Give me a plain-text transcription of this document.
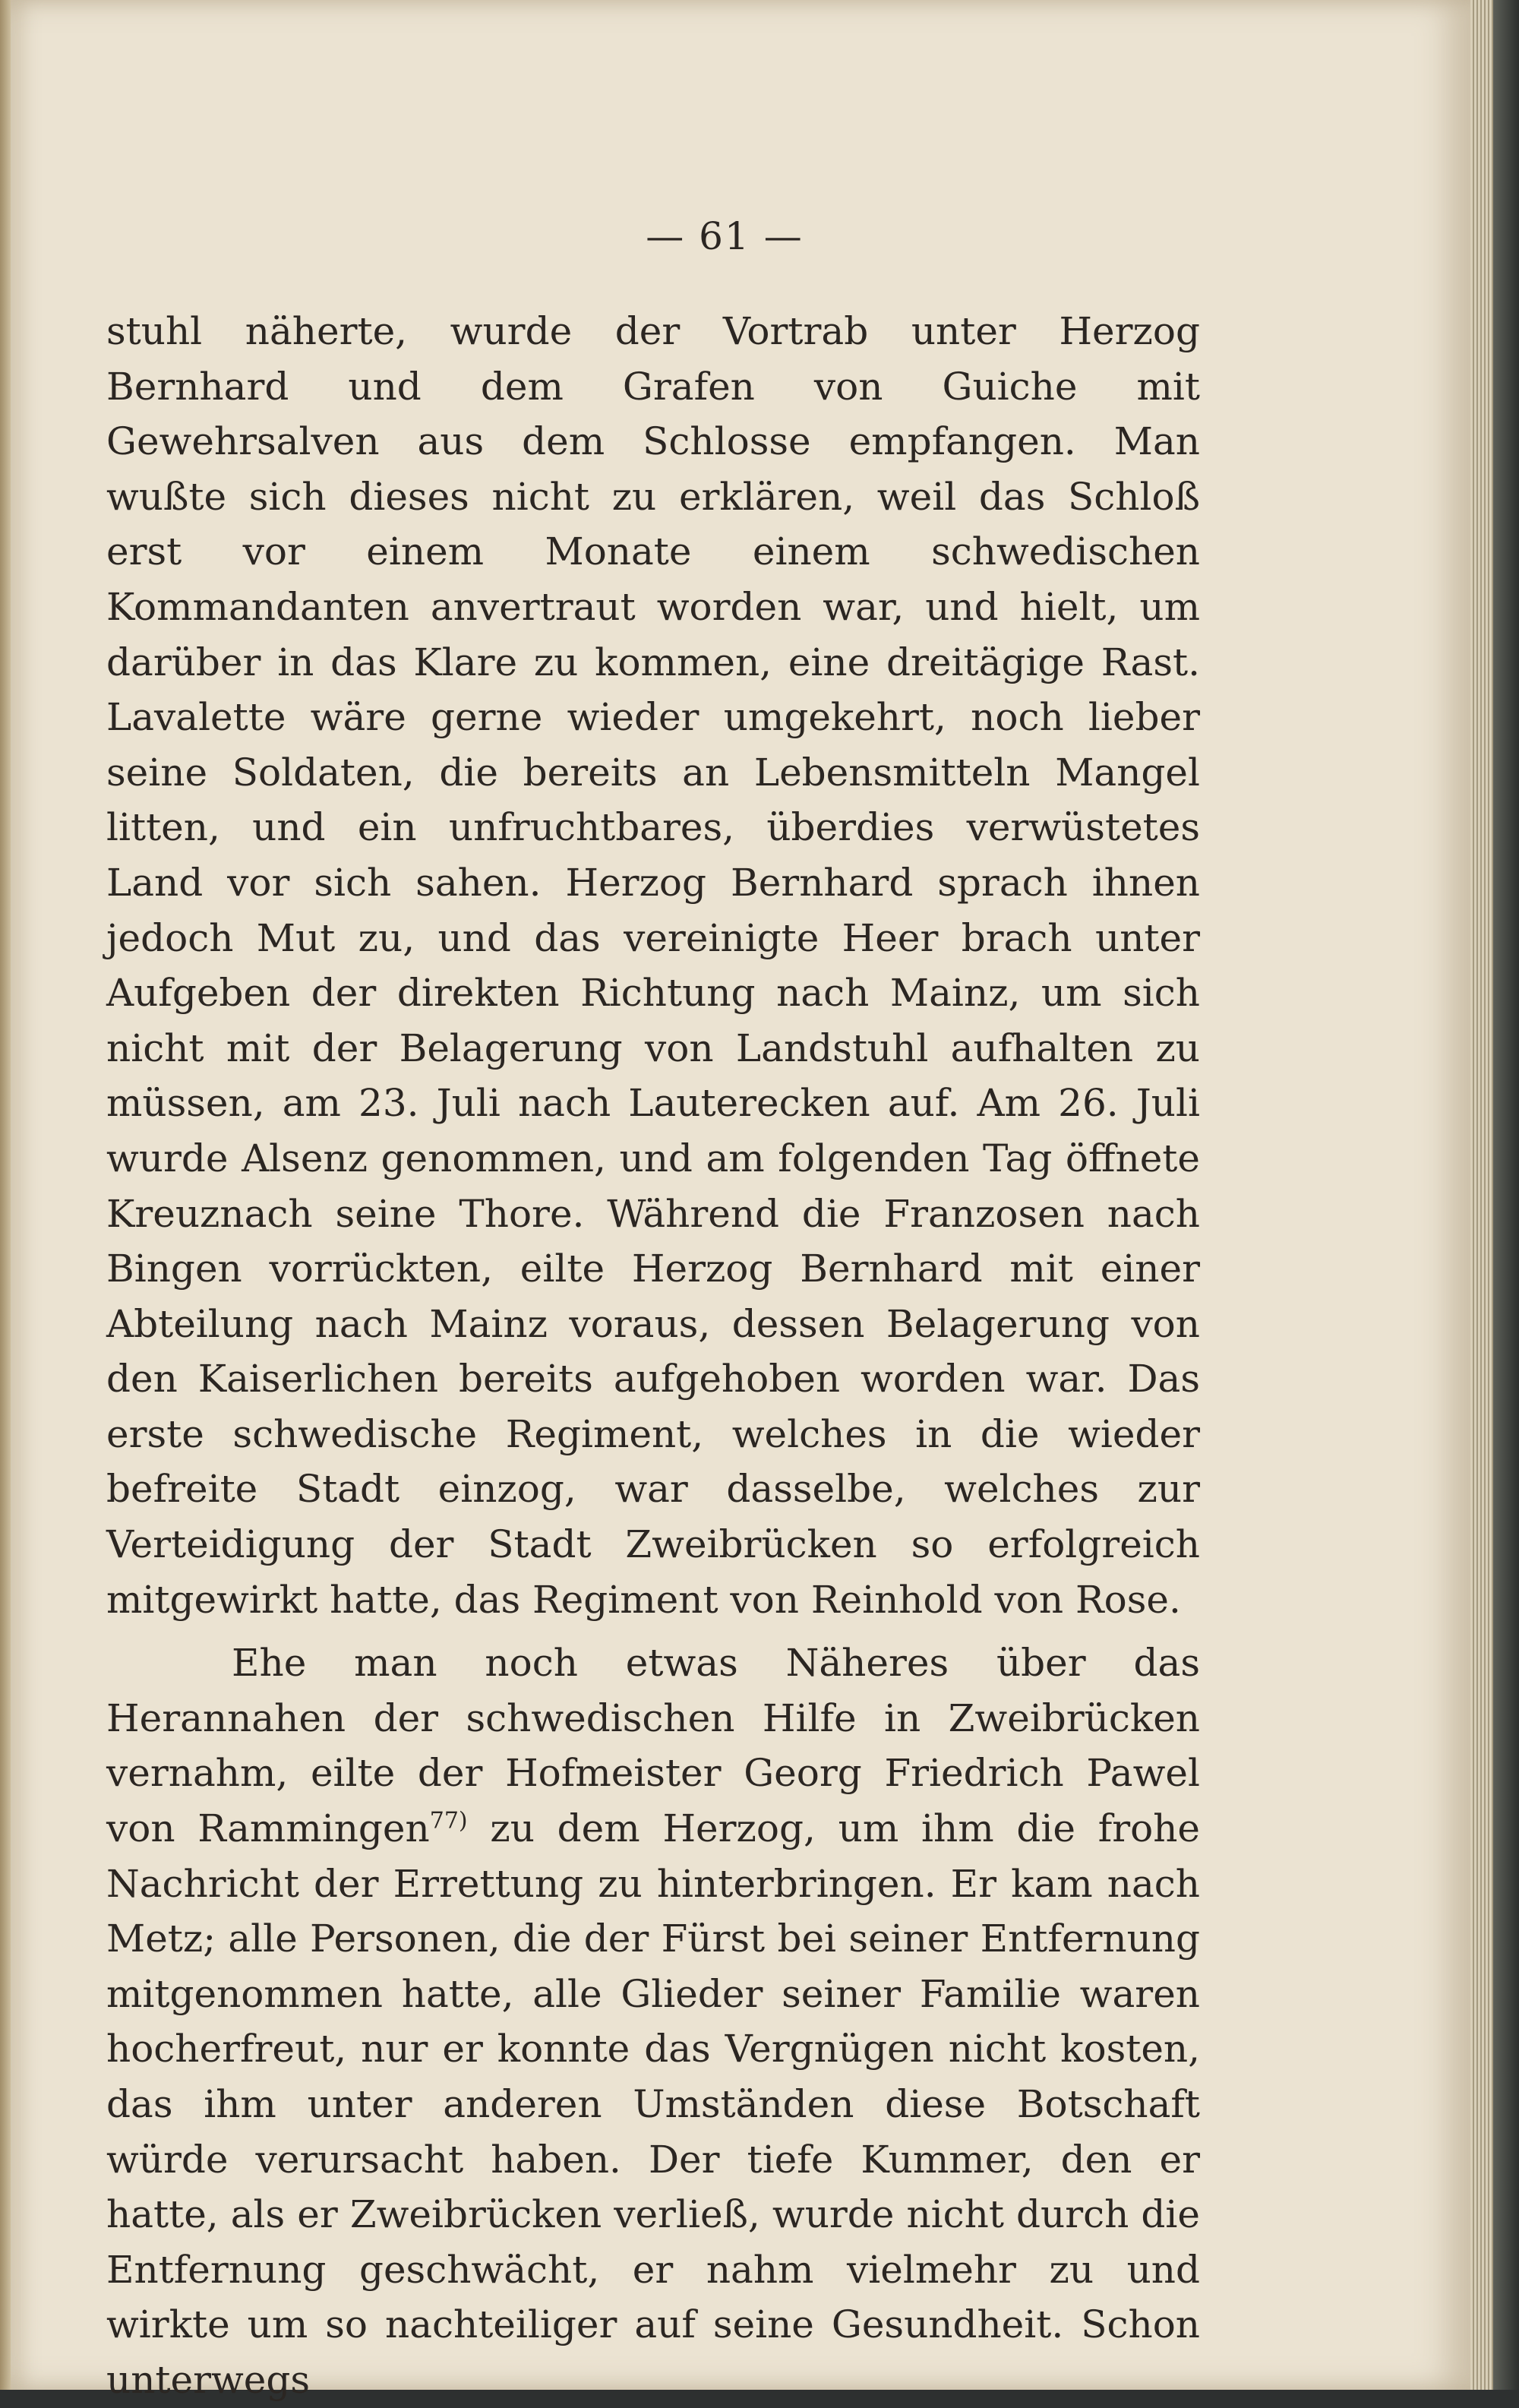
— 61 —

stuhl näherte, wurde der Vortrab unter Herzog Bernhard und dem Grafen von Guiche mit Gewehrsalven aus dem Schlosse empfangen. Man wußte sich dieses nicht zu erklären, weil das Schloß erst vor einem Monate einem schwedischen Kommandanten anvertraut worden war, und hielt, um darüber in das Klare zu kommen, eine dreitägige Rast. Lavalette wäre gerne wieder umgekehrt, noch lieber seine Soldaten, die bereits an Lebensmitteln Mangel litten, und ein unfruchtbares, überdies verwüstetes Land vor sich sahen. Herzog Bernhard sprach ihnen jedoch Mut zu, und das vereinigte Heer brach unter Aufgeben der direkten Richtung nach Mainz, um sich nicht mit der Belagerung von Landstuhl aufhalten zu müssen, am 23. Juli nach Lauterecken auf. Am 26. Juli wurde Alsenz genommen, und am folgenden Tag öffnete Kreuznach seine Thore. Während die Franzosen nach Bingen vorrückten, eilte Herzog Bernhard mit einer Abteilung nach Mainz voraus, dessen Belagerung von den Kaiserlichen bereits aufgehoben worden war. Das erste schwedische Regiment, welches in die wieder befreite Stadt einzog, war dasselbe, welches zur Verteidigung der Stadt Zweibrücken so erfolgreich mitgewirkt hatte, das Regiment von Reinhold von Rose.

Ehe man noch etwas Näheres über das Herannahen der schwedischen Hilfe in Zweibrücken vernahm, eilte der Hofmeister Georg Friedrich Pawel von Rammingen$^{77)}$ zu dem Herzog, um ihm die frohe Nachricht der Errettung zu hinterbringen. Er kam nach Metz; alle Personen, die der Fürst bei seiner Entfernung mitgenommen hatte, alle Glieder seiner Familie waren hocherfreut, nur er konnte das Vergnügen nicht kosten, das ihm unter anderen Umständen diese Botschaft würde verursacht haben. Der tiefe Kummer, den er hatte, als er Zweibrücken verließ, wurde nicht durch die Entfernung geschwächt, er nahm vielmehr zu und wirkte um so nachteiliger auf seine Gesundheit. Schon unterwegs
